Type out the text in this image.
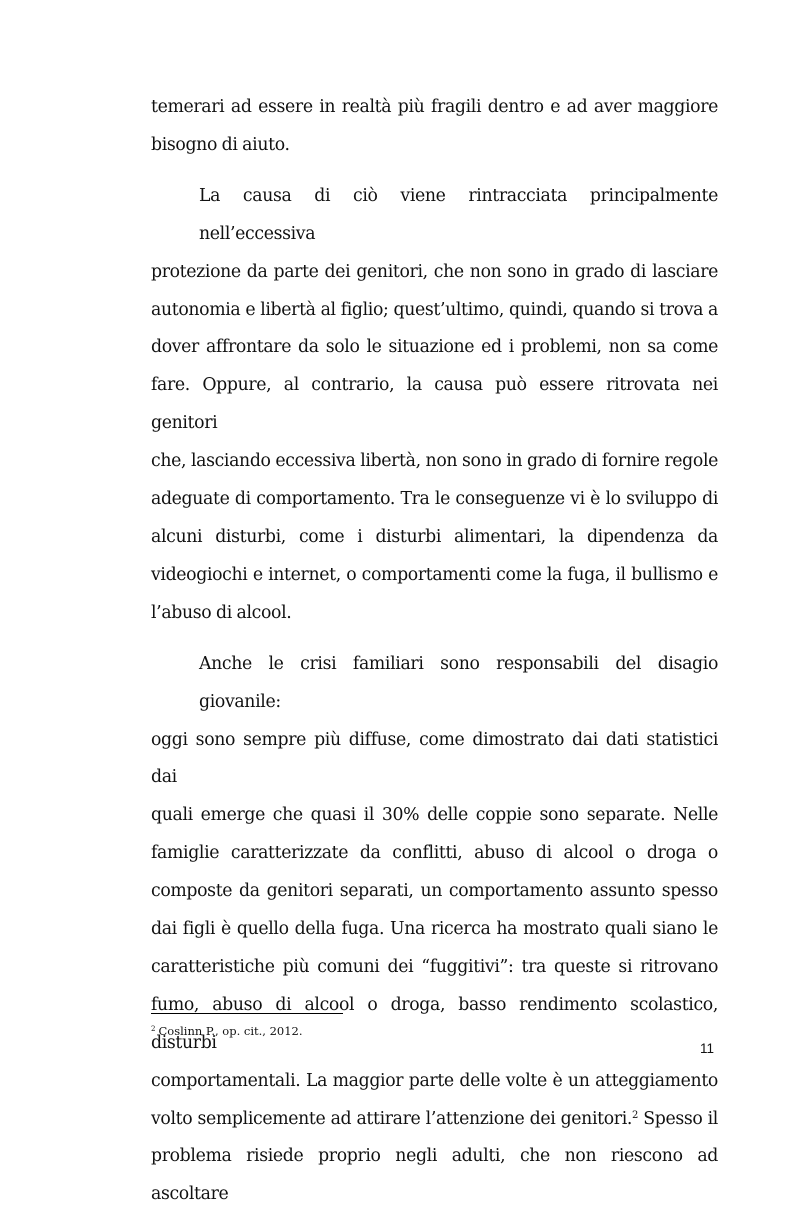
temerari ad essere in realtà più fragili dentro e ad aver maggiore
bisogno di aiuto.
La causa di ciò viene rintracciata principalmente nell’eccessiva
protezione da parte dei genitori, che non sono in grado di lasciare
autonomia e libertà al figlio; quest’ultimo, quindi, quando si trova a
dover affrontare da solo le situazione ed i problemi, non sa come
fare. Oppure, al contrario, la causa può essere ritrovata nei genitori
che, lasciando eccessiva libertà, non sono in grado di fornire regole
adeguate di comportamento. Tra le conseguenze vi è lo sviluppo di
alcuni disturbi, come i disturbi alimentari, la dipendenza da
videogiochi e internet, o comportamenti come la fuga, il bullismo e
l’abuso di alcool.
Anche le crisi familiari sono responsabili del disagio giovanile:
oggi sono sempre più diffuse, come dimostrato dai dati statistici dai
quali emerge che quasi il 30% delle coppie sono separate. Nelle
famiglie caratterizzate da conflitti, abuso di alcool o droga o
composte da genitori separati, un comportamento assunto spesso
dai figli è quello della fuga. Una ricerca ha mostrato quali siano le
caratteristiche più comuni dei “fuggitivi”: tra queste si ritrovano
fumo, abuso di alcool o droga, basso rendimento scolastico, disturbi
comportamentali. La maggior parte delle volte è un atteggiamento
volto semplicemente ad attirare l’attenzione dei genitori.$^2$ Spesso il
problema risiede proprio negli adulti, che non riescono ad ascoltare
$^2$ Coslinn P., op. cit., 2012.
11
